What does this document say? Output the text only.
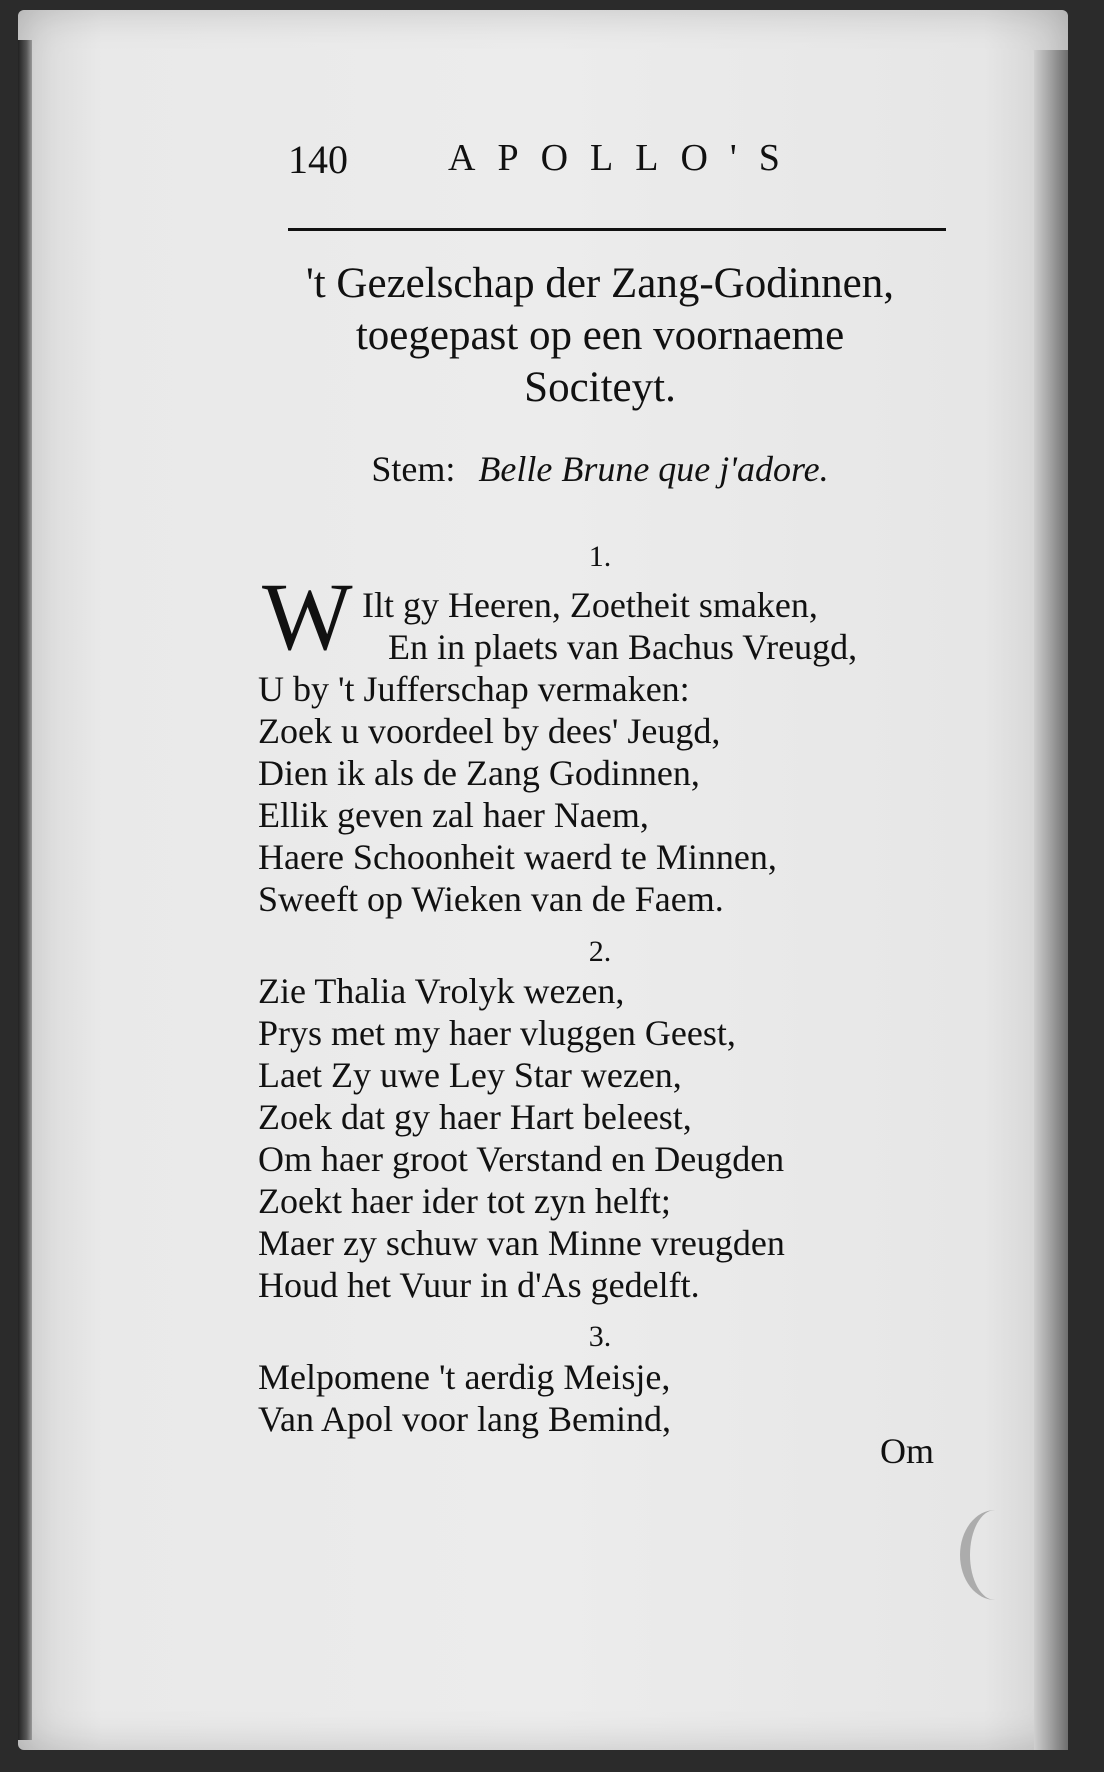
140	APOLLO'S
't Gezelschap der Zang-Godinnen,
toegepast op een voornaeme
Sociteyt.
Stem: Belle Brune que j'adore.
1.
W Ilt gy Heeren, Zoetheit smaken,
En in plaets van Bachus Vreugd,
U by 't Jufferschap vermaken:
Zoek u voordeel by dees' Jeugd,
Dien ik als de Zang Godinnen,
Ellik geven zal haer Naem,
Haere Schoonheit waerd te Minnen,
Sweeft op Wieken van de Faem.
2.
Zie Thalia Vrolyk wezen,
Prys met my haer vluggen Geest,
Laet Zy uwe Ley Star wezen,
Zoek dat gy haer Hart beleest,
Om haer groot Verstand en Deugden
Zoekt haer ider tot zyn helft;
Maer zy schuw van Minne vreugden
Houd het Vuur in d'As gedelft.
3.
Melpomene 't aerdig Meisje,
Van Apol voor lang Bemind,
Om
